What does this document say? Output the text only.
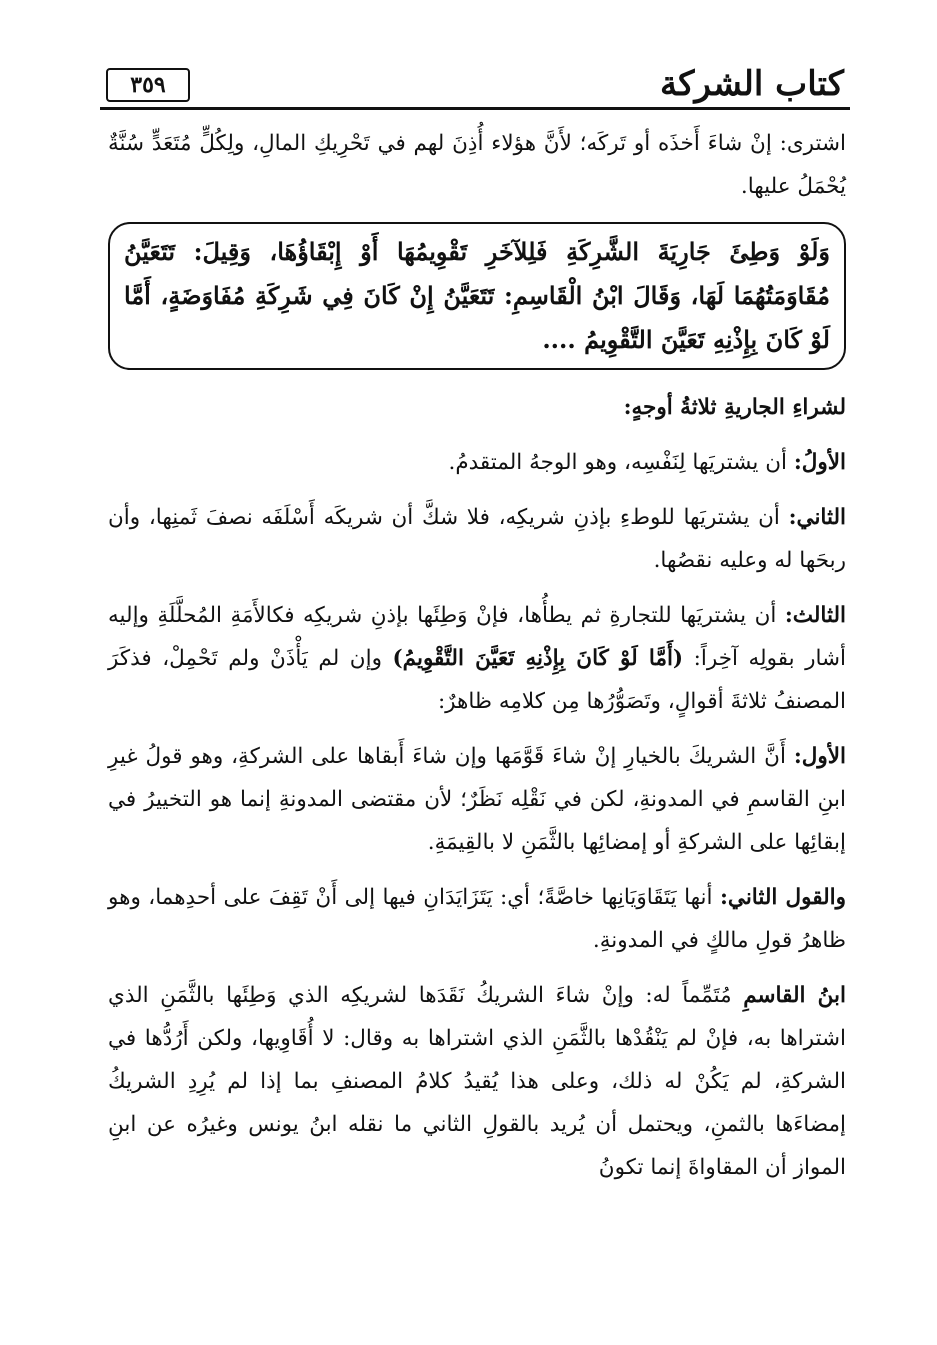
كتاب الشركة
٣٥٩

اشترى: إنْ شاءَ أَخذَه أو تَركَه؛ لأَنَّ هؤلاء أُذِنَ لهم في تَحْرِيكِ المالِ، ولِكُلٍّ مُتَعَدٍّ سُنَّةٌ يُحْمَلُ عليها.

وَلَوْ وَطِئَ جَارِيَةَ الشَّرِكَةِ فَلِلآخَرِ تَقْوِيمُهَا أَوْ إِبْقَاؤُهَا، وَقِيلَ: تَتَعَيَّنُ مُقَاوَمَتُهُمَا لَهَا، وَقَالَ ابْنُ الْقَاسِمِ: تَتَعَيَّنُ إِنْ كَانَ فِي شَرِكَةِ مُفَاوَضَةٍ، أَمَّا لَوْ كَانَ بِإِذْنِهِ تَعَيَّنَ التَّقْوِيمُ ....

لشراءِ الجاريةِ ثلاثةُ أوجهٍ:

الأولُ: أن يشتريَها لِنَفْسِه، وهو الوجهُ المتقدمُ.

الثاني: أن يشتريَها للوطءِ بإذنِ شريكِه، فلا شكَّ أن شريكَه أَسْلَفَه نصفَ ثَمنِها، وأن ربحَها له وعليه نقصُها.

الثالث: أن يشتريَها للتجارةِ ثم يطأُها، فإنْ وَطِئَها بإذنِ شريكِه فكالأَمَةِ المُحلَّلَةِ وإليه أشار بقولِه آخِراً: (أَمَّا لَوْ كَانَ بِإِذْنِهِ تَعَيَّنَ التَّقْوِيمُ) وإن لم يَأْذَنْ ولم تَحْمِلْ، فذكَرَ المصنفُ ثلاثةَ أقوالٍ، وتَصَوُّرُها مِن كلامِه ظاهرٌ:

الأول: أَنَّ الشريكَ بالخيارِ إنْ شاءَ قَوَّمَها وإن شاءَ أَبقاها على الشركةِ، وهو قولُ غيرِ ابنِ القاسمِ في المدونةِ، لكن في نَقْلِه نَظَرٌ؛ لأن مقتضى المدونةِ إنما هو التخييرُ في إبقائِها على الشركةِ أو إمضائِها بالثَّمَنِ لا بالقِيمَةِ.

والقول الثاني: أنها يَتَقَاوَيَانِها خاصَّةً؛ أي: يَتَزَايَدَانِ فيها إلى أَنْ تَقِفَ على أحدِهما، وهو ظاهرُ قولِ مالكٍ في المدونةِ.

ابنُ القاسمِ مُتَمِّماً له: وإنْ شاءَ الشريكُ نَقَدَها لشريكِه الذي وَطِئَها بالثَّمَنِ الذي اشتراها به، فإنْ لم يَنْقُدْها بالثَّمَنِ الذي اشتراها به وقال: لا أُقَاوِيها، ولكن أَرُدُّها في الشركةِ، لم يَكُنْ له ذلك، وعلى هذا يُقيدُ كلامُ المصنفِ بما إذا لم يُرِدِ الشريكُ إمضاءَها بالثمنِ، ويحتمل أن يُريد بالقولِ الثاني ما نقله ابنُ يونس وغيرُه عن ابنِ المواز أن المقاواةَ إنما تكونُ
